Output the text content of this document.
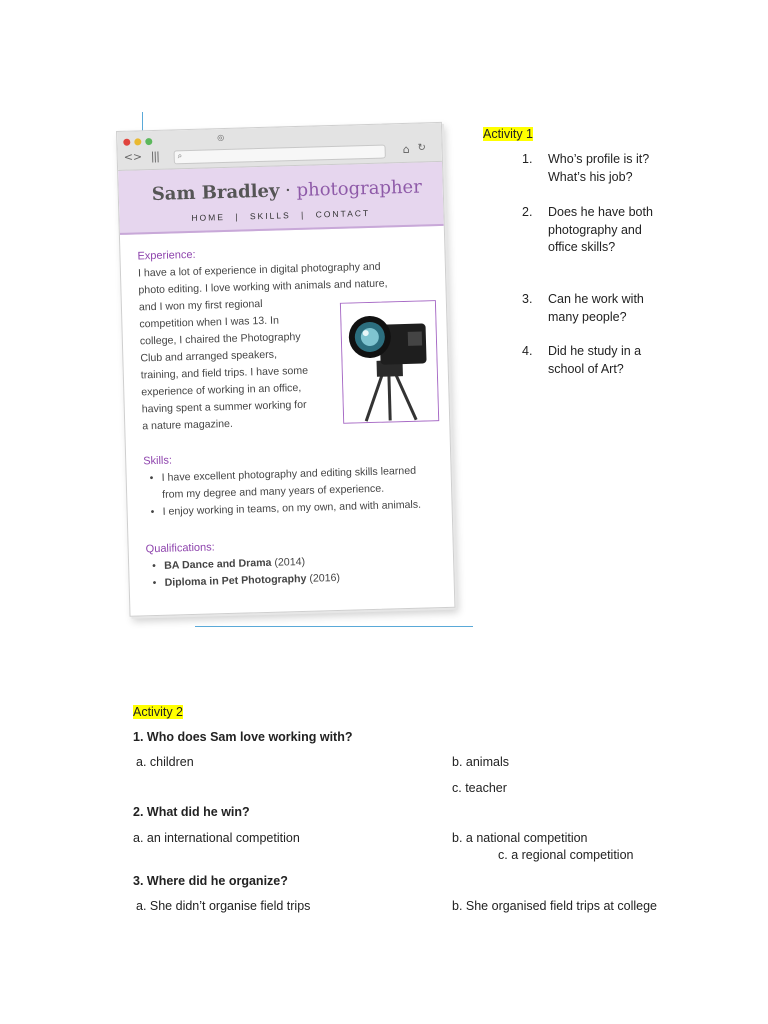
◎
<> ||| ⌕	⌂ ↻
Sam Bradley · photographer
HOME | SKILLS | CONTACT
Experience:
I have a lot of experience in digital photography and
photo editing. I love working with animals and nature,
and I won my first regional
competition when I was 13. In
college, I chaired the Photography
Club and arranged speakers,
training, and field trips. I have some
experience of working in an office,
having spent a summer working for
a nature magazine.
Skills:
• I have excellent photography and editing skills learned from my degree and many years of experience.
• I enjoy working in teams, on my own, and with animals.
Qualifications:
• BA Dance and Drama (2014)
• Diploma in Pet Photography (2016)
Activity 1
1. Who’s profile is it? What’s his job?
2. Does he have both photography and office skills?
3. Can he work with many people?
4. Did he study in a school of Art?
Activity 2
1. Who does Sam love working with?
a. children	b. animals
c. teacher
2. What did he win?
a. an international competition	b. a national competition
c. a regional competition
3. Where did he organize?
a. She didn’t organise field trips	b. She organised field trips at college
